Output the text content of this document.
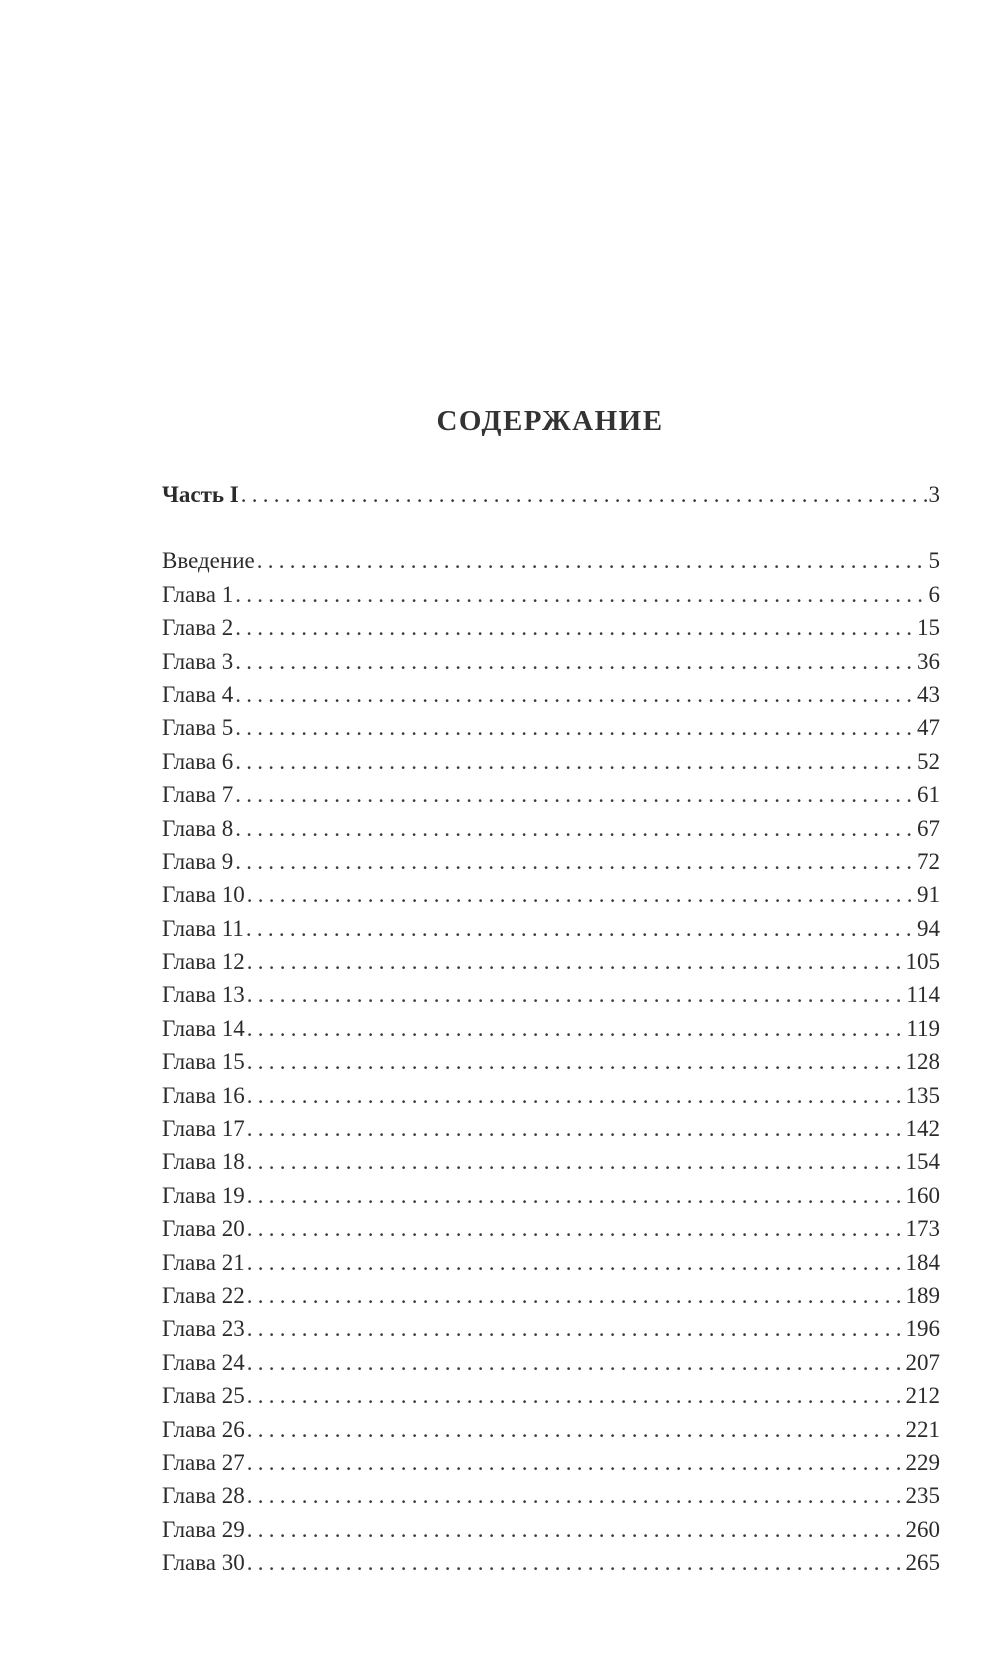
СОДЕРЖАНИЕ
Часть I . . .	3
Введение . . .	5
Глава 1 . . .	6
Глава 2 . . .	15
Глава 3 . . .	36
Глава 4 . . .	43
Глава 5 . . .	47
Глава 6 . . .	52
Глава 7 . . .	61
Глава 8 . . .	67
Глава 9 . . .	72
Глава 10 . . .	91
Глава 11 . . .	94
Глава 12 . . .	105
Глава 13 . . .	114
Глава 14 . . .	119
Глава 15 . . .	128
Глава 16 . . .	135
Глава 17 . . .	142
Глава 18 . . .	154
Глава 19 . . .	160
Глава 20 . . .	173
Глава 21 . . .	184
Глава 22 . . .	189
Глава 23 . . .	196
Глава 24 . . .	207
Глава 25 . . .	212
Глава 26 . . .	221
Глава 27 . . .	229
Глава 28 . . .	235
Глава 29 . . .	260
Глава 30 . . .	265
